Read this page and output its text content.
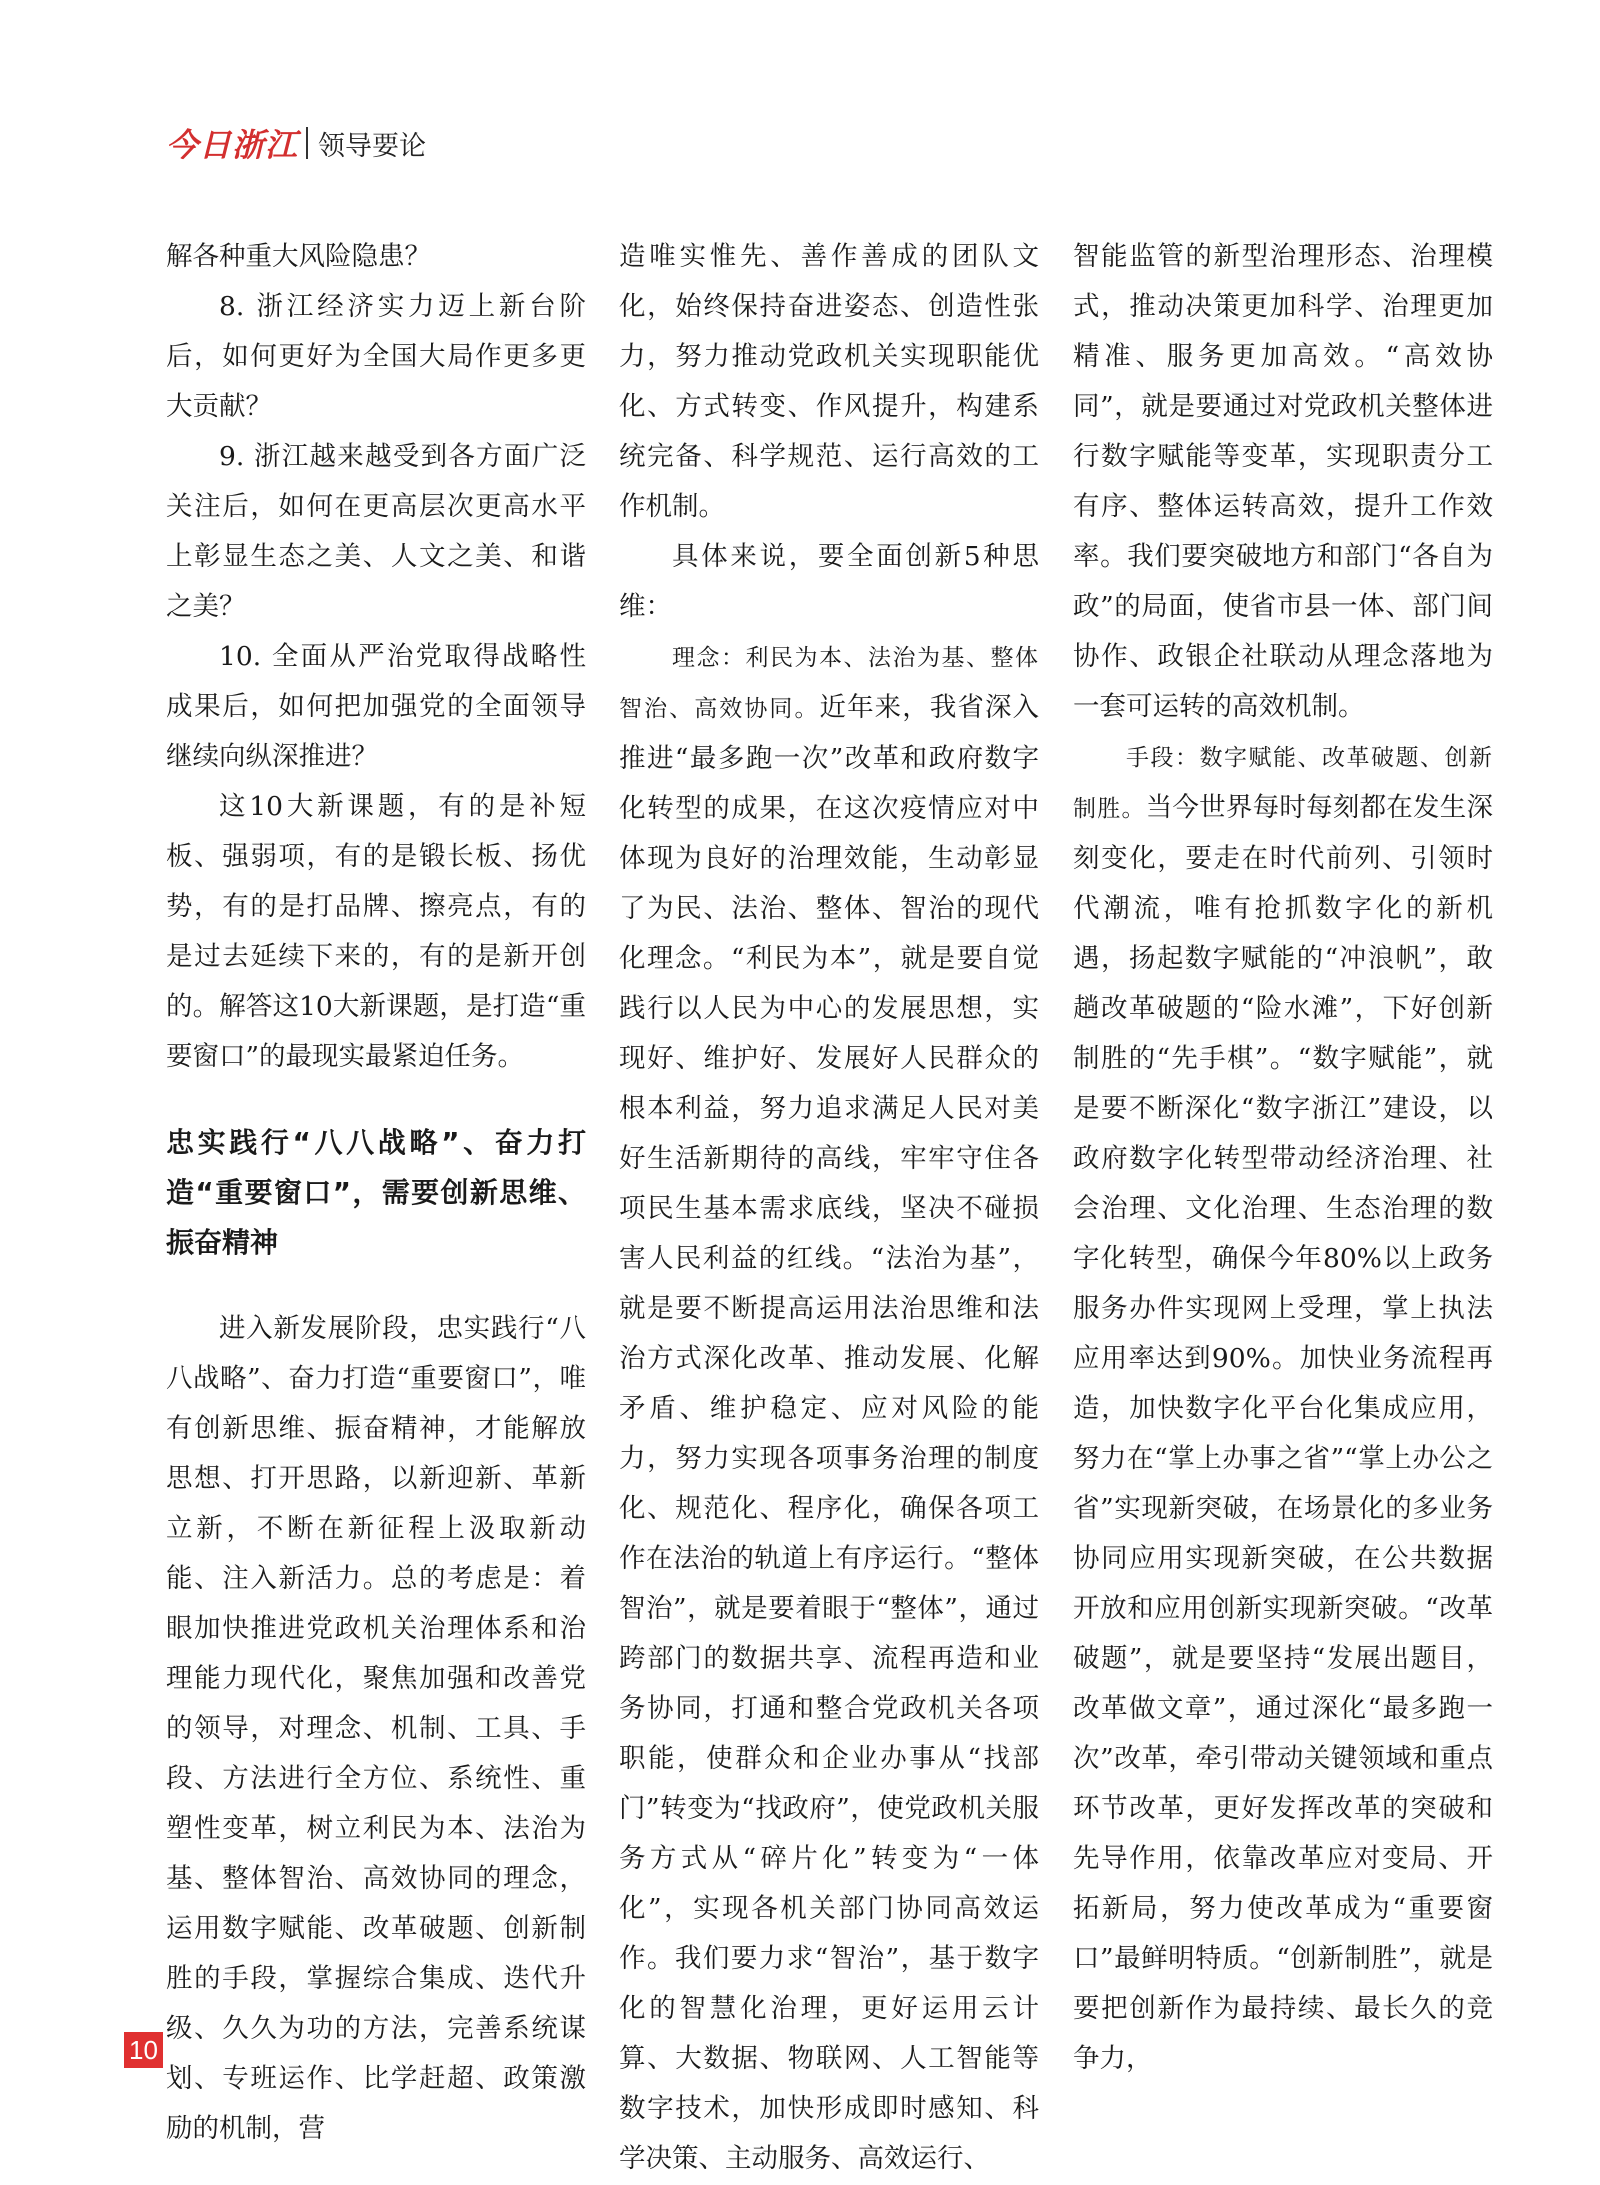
今日浙江 领导要论

解各种重大风险隐患？

8. 浙江经济实力迈上新台阶后，如何更好为全国大局作更多更大贡献？

9. 浙江越来越受到各方面广泛关注后，如何在更高层次更高水平上彰显生态之美、人文之美、和谐之美？

10. 全面从严治党取得战略性成果后，如何把加强党的全面领导继续向纵深推进？

这10大新课题，有的是补短板、强弱项，有的是锻长板、扬优势，有的是打品牌、擦亮点，有的是过去延续下来的，有的是新开创的。解答这10大新课题，是打造“重要窗口”的最现实最紧迫任务。

忠实践行“八八战略”、奋力打造“重要窗口”，需要创新思维、振奋精神

进入新发展阶段，忠实践行“八八战略”、奋力打造“重要窗口”，唯有创新思维、振奋精神，才能解放思想、打开思路，以新迎新、革新立新，不断在新征程上汲取新动能、注入新活力。总的考虑是：着眼加快推进党政机关治理体系和治理能力现代化，聚焦加强和改善党的领导，对理念、机制、工具、手段、方法进行全方位、系统性、重塑性变革，树立利民为本、法治为基、整体智治、高效协同的理念，运用数字赋能、改革破题、创新制胜的手段，掌握综合集成、迭代升级、久久为功的方法，完善系统谋划、专班运作、比学赶超、政策激励的机制，营

造唯实惟先、善作善成的团队文化，始终保持奋进姿态、创造性张力，努力推动党政机关实现职能优化、方式转变、作风提升，构建系统完备、科学规范、运行高效的工作机制。

具体来说，要全面创新5种思维：

理念：利民为本、法治为基、整体智治、高效协同。近年来，我省深入推进“最多跑一次”改革和政府数字化转型的成果，在这次疫情应对中体现为良好的治理效能，生动彰显了为民、法治、整体、智治的现代化理念。“利民为本”，就是要自觉践行以人民为中心的发展思想，实现好、维护好、发展好人民群众的根本利益，努力追求满足人民对美好生活新期待的高线，牢牢守住各项民生基本需求底线，坚决不碰损害人民利益的红线。“法治为基”，就是要不断提高运用法治思维和法治方式深化改革、推动发展、化解矛盾、维护稳定、应对风险的能力，努力实现各项事务治理的制度化、规范化、程序化，确保各项工作在法治的轨道上有序运行。“整体智治”，就是要着眼于“整体”，通过跨部门的数据共享、流程再造和业务协同，打通和整合党政机关各项职能，使群众和企业办事从“找部门”转变为“找政府”，使党政机关服务方式从“碎片化”转变为“一体化”，实现各机关部门协同高效运作。我们要力求“智治”，基于数字化的智慧化治理，更好运用云计算、大数据、物联网、人工智能等数字技术，加快形成即时感知、科学决策、主动服务、高效运行、

智能监管的新型治理形态、治理模式，推动决策更加科学、治理更加精准、服务更加高效。“高效协同”，就是要通过对党政机关整体进行数字赋能等变革，实现职责分工有序、整体运转高效，提升工作效率。我们要突破地方和部门“各自为政”的局面，使省市县一体、部门间协作、政银企社联动从理念落地为一套可运转的高效机制。

手段：数字赋能、改革破题、创新制胜。当今世界每时每刻都在发生深刻变化，要走在时代前列、引领时代潮流，唯有抢抓数字化的新机遇，扬起数字赋能的“冲浪帆”，敢趟改革破题的“险水滩”，下好创新制胜的“先手棋”。“数字赋能”，就是要不断深化“数字浙江”建设，以政府数字化转型带动经济治理、社会治理、文化治理、生态治理的数字化转型，确保今年80%以上政务服务办件实现网上受理，掌上执法应用率达到90%。加快业务流程再造，加快数字化平台化集成应用，努力在“掌上办事之省”“掌上办公之省”实现新突破，在场景化的多业务协同应用实现新突破，在公共数据开放和应用创新实现新突破。“改革破题”，就是要坚持“发展出题目，改革做文章”，通过深化“最多跑一次”改革，牵引带动关键领域和重点环节改革，更好发挥改革的突破和先导作用，依靠改革应对变局、开拓新局，努力使改革成为“重要窗口”最鲜明特质。“创新制胜”，就是要把创新作为最持续、最长久的竞争力，

10
